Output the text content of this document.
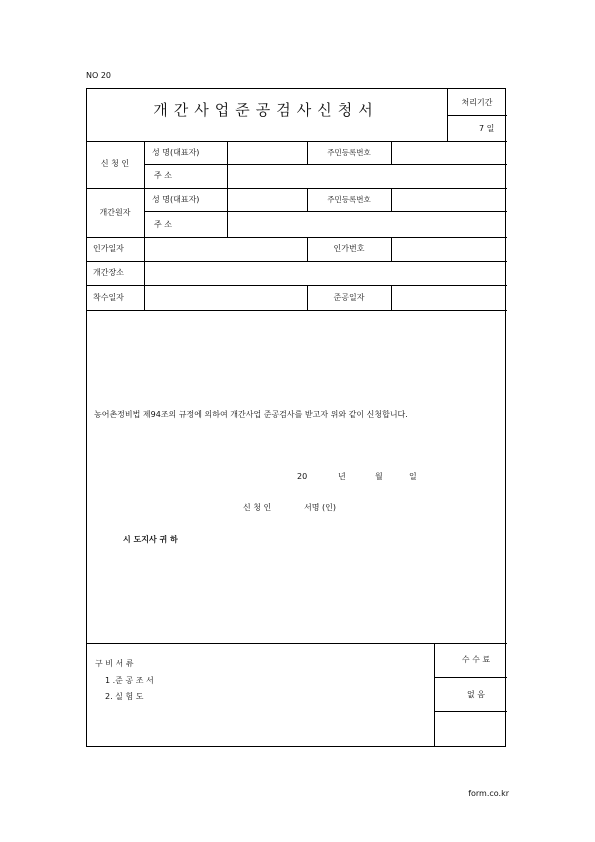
NO 20
개간사업준공검사신청서	처리기간
7 일
신 청 인
성 명(대표자)	주민등록번호
주 소
개간원자
성 명(대표자)	주민등록번호
주 소
인가일자	인가번호
개간장소
착수일자	준공일자
구 비 서 류
1 .준 공 조 서
2. 실 험 도
수 수 료
없 음
농어촌정비법 제94조의 규정에 의하여 개간사업 준공검사를 받고자 위와 같이 신청합니다.
20	년	월	일
신 청 인	서명 (인)
시 도지사 귀 하
form.co.kr
